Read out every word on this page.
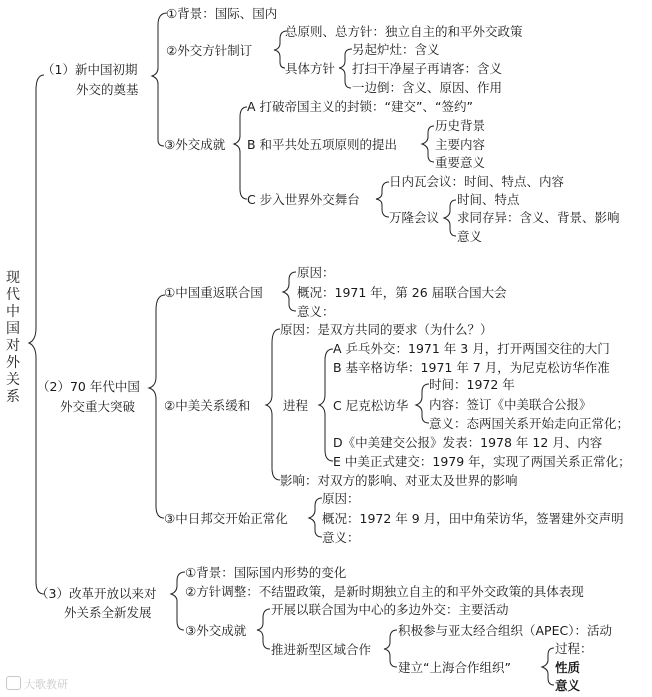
现代中国对外关系
（1）新中国初期
外交的奠基
①背景：国际、国内
②外交方针制订
总原则、总方针：独立自主的和平外交政策
具体方针
另起炉灶：含义
打扫干净屋子再请客：含义
一边倒：含义、原因、作用
③外交成就
A 打破帝国主义的封锁：“建交”、“签约”
B 和平共处五项原则的提出
历史背景
主要内容
重要意义
C 步入世界外交舞台
日内瓦会议：时间、特点、内容
万隆会议
时间、特点
求同存异：含义、背景、影响
意义
（2）70 年代中国
外交重大突破
①中国重返联合国
原因：
概况：1971 年，第 26 届联合国大会
意义：
②中美关系缓和
原因：是双方共同的要求（为什么？）
进程
A 乒乓外交：1971 年 3 月，打开两国交往的大门
B 基辛格访华：1971 年 7 月，为尼克松访华作准
C 尼克松访华
时间：1972 年
内容：签订《中美联合公报》
意义：态两国关系开始走向正常化；
D《中美建交公报》发表：1978 年 12 月、内容
E 中美正式建交：1979 年，实现了两国关系正常化；
影响：对双方的影响、对亚太及世界的影响
③中日邦交开始正常化
原因：
概况：1972 年 9 月，田中角荣访华，签署建外交声明
意义：
（3）改革开放以来对
外关系全新发展
①背景：国际国内形势的变化
②方针调整：不结盟政策，是新时期独立自主的和平外交政策的具体表现
③外交成就
开展以联合国为中心的多边外交：主要活动
推进新型区域合作
积极参与亚太经合组织（APEC）：活动
建立“上海合作组织”
过程：
性质
意义
大歌教研
